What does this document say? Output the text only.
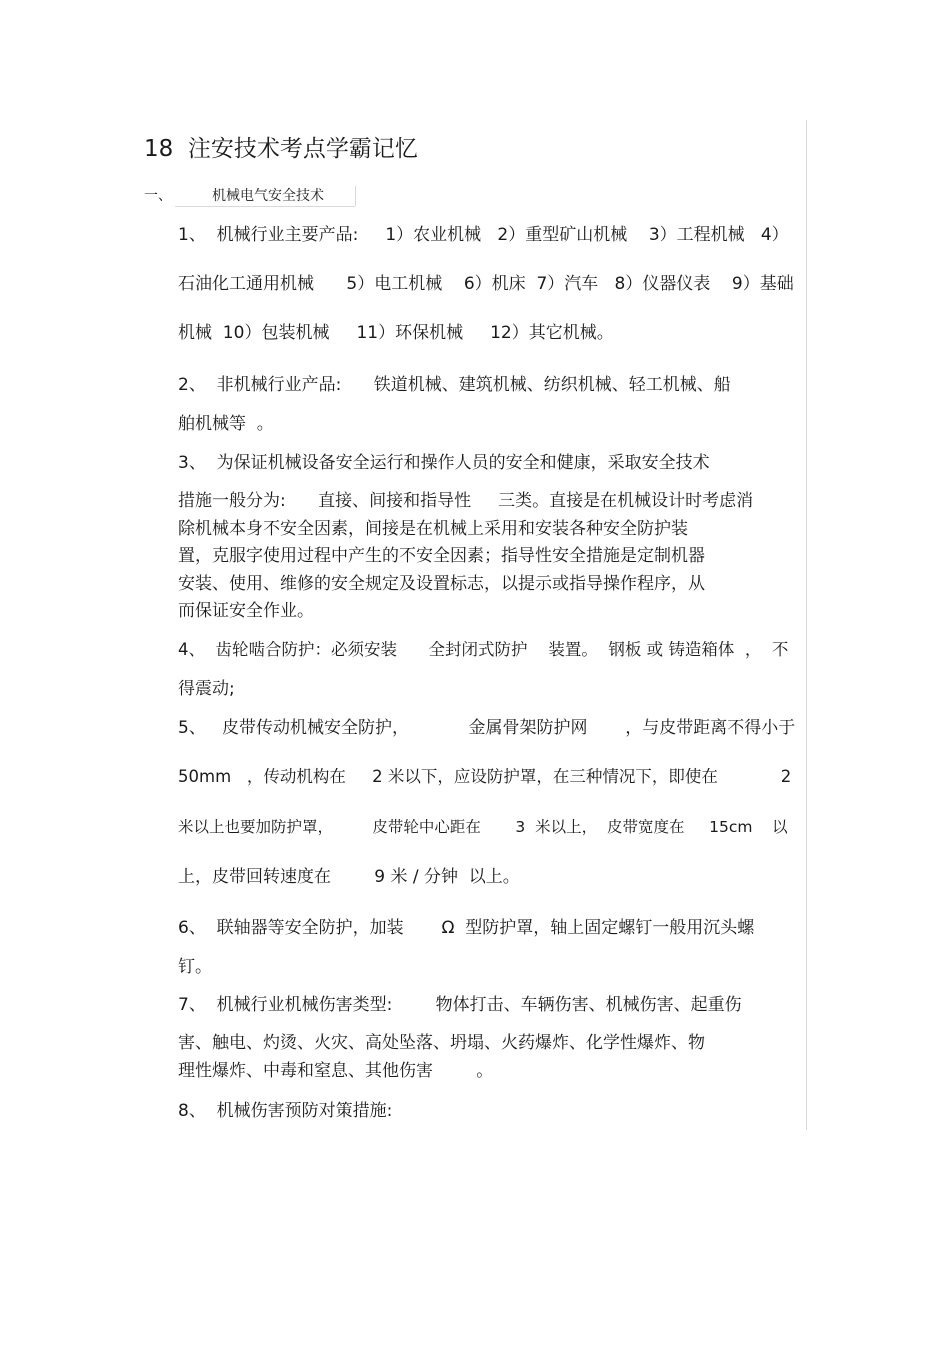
18  注安技术考点学霸记忆
一、	机械电气安全技术
1、  机械行业主要产品:     1）农业机械   2）重型矿山机械    3）工程机械   4）
石油化工通用机械      5）电工机械    6）机床  7）汽车   8）仪器仪表    9）基础
机械  10）包装机械     11）环保机械     12）其它机械。
2、  非机械行业产品:      铁道机械、建筑机械、纺织机械、轻工机械、船
舶机械等  。
3、  为保证机械设备安全运行和操作人员的安全和健康，采取安全技术
措施一般分为:      直接、间接和指导性     三类。直接是在机械设计时考虑消
除机械本身不安全因素，间接是在机械上采用和安装各种安全防护装
置，克服字使用过程中产生的不安全因素；指导性安全措施是定制机器
安装、使用、维修的安全规定及设置标志，以提示或指导操作程序，从
而保证安全作业。
4、  齿轮啮合防护：必须安装      全封闭式防护    装置。  钢板 或 铸造箱体  ，  不
得震动;
5、   皮带传动机械安全防护，           金属骨架防护网       ，与皮带距离不得小于
50mm   ，传动机构在     2 米以下，应设防护罩，在三种情况下，即使在            2
米以上也要加防护罩，        皮带轮中心距在       3  米以上，  皮带宽度在     15cm    以
上，皮带回转速度在        9 米 / 分钟  以上。
6、  联轴器等安全防护，加装       Ω  型防护罩，轴上固定螺钉一般用沉头螺
钉。
7、  机械行业机械伤害类型:        物体打击、车辆伤害、机械伤害、起重伤
害、触电、灼烫、火灾、高处坠落、坍塌、火药爆炸、化学性爆炸、物
理性爆炸、中毒和窒息、其他伤害        。
8、  机械伤害预防对策措施:
